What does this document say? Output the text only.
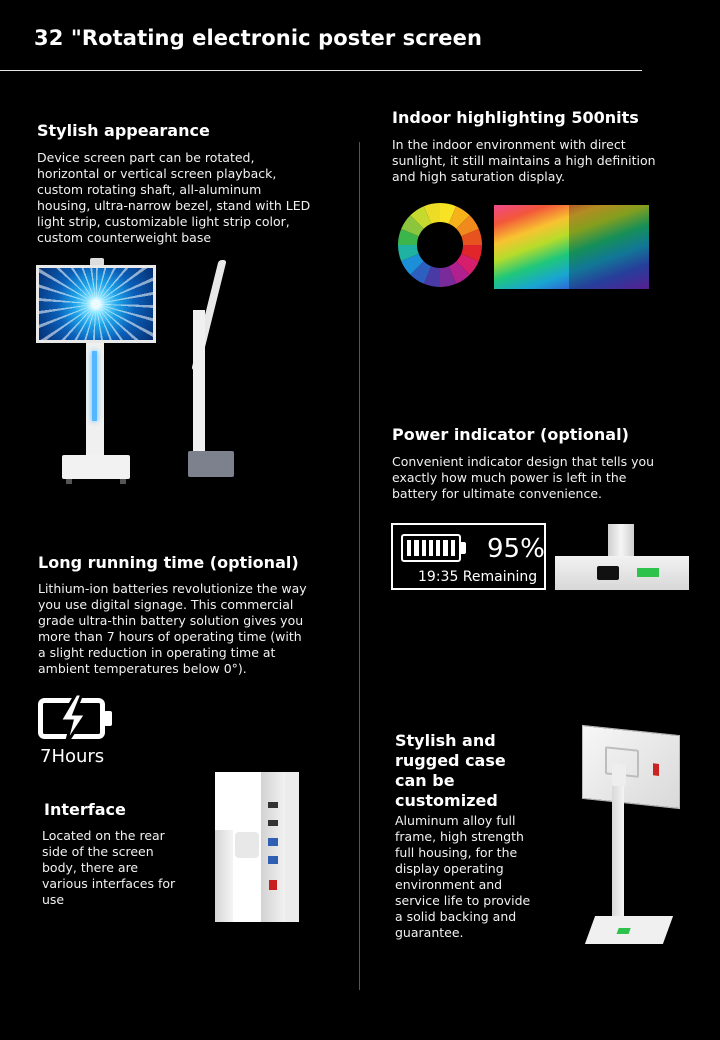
32 "Rotating electronic poster screen
Stylish appearance

Device screen part can be rotated,

horizontal or vertical screen playback,

custom rotating shaft, all-aluminum

housing, ultra-narrow bezel, stand with LED

light strip, customizable light strip color,

custom counterweight base

Indoor highlighting 500nits

In the indoor environment with direct

sunlight, it still maintains a high definition

and high saturation display.

Power indicator (optional)

Convenient indicator design that tells you

exactly how much power is left in the

battery for ultimate convenience.

95%
19:35 Remaining
Long running time (optional)

Lithium-ion batteries revolutionize the way

you use digital signage. This commercial

grade ultra-thin battery solution gives you

more than 7 hours of operating time (with

a slight reduction in operating time at

ambient temperatures below 0°).

7Hours
Interface

Located on the rear

side of the screen

body, there are

various interfaces for

use

Stylish and
rugged case
can be
customized

Aluminum alloy full

frame, high strength

full housing, for the

display operating

environment and

service life to provide

a solid backing and

guarantee.
